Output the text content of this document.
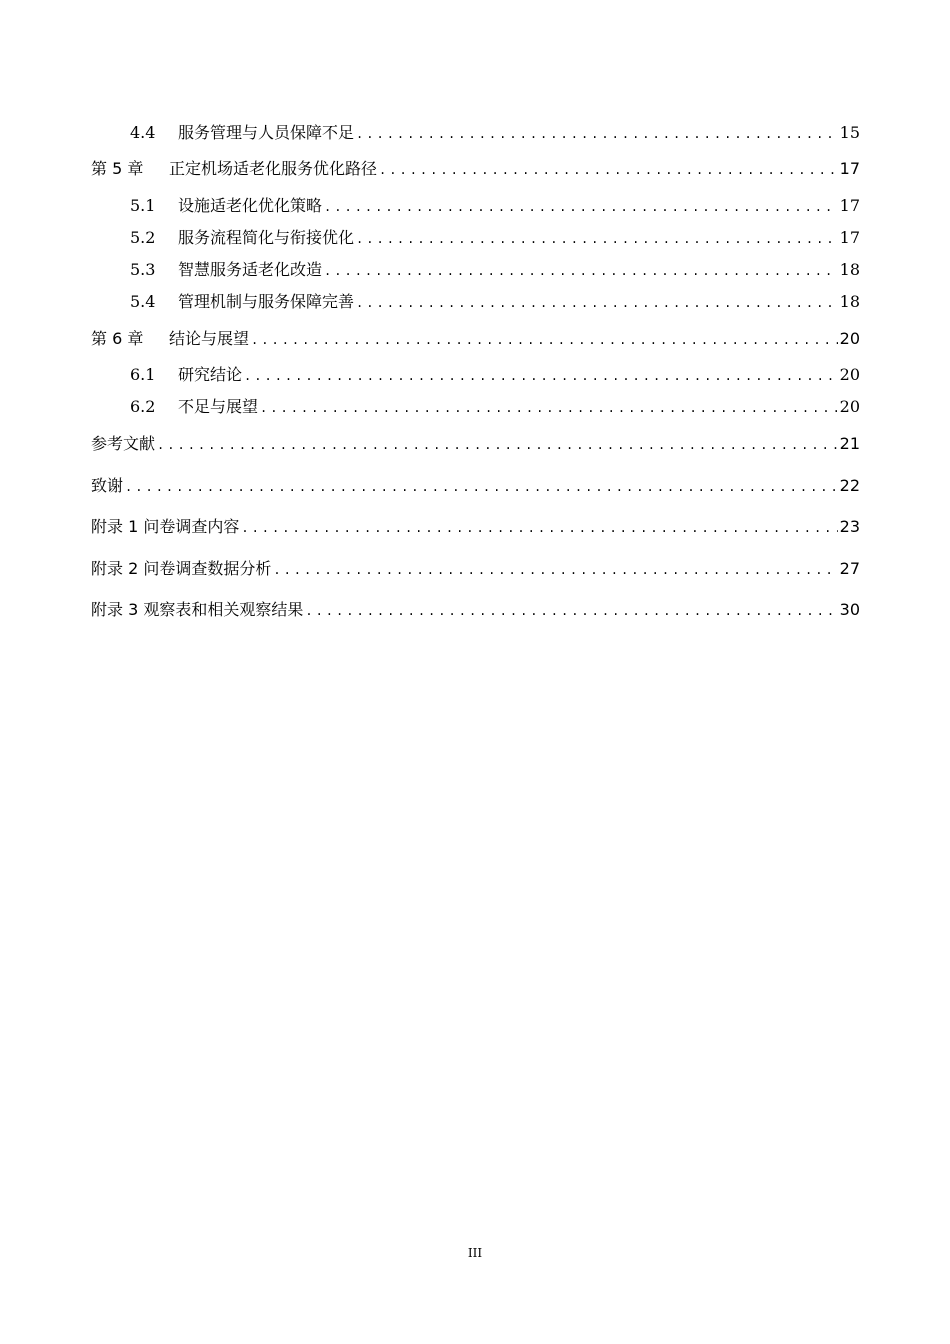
4.4	服务管理与人员保障不足 .....	15
第 5 章	正定机场适老化服务优化路径 .....	17
5.1	设施适老化优化策略 .....	17
5.2	服务流程简化与衔接优化 .....	17
5.3	智慧服务适老化改造 .....	18
5.4	管理机制与服务保障完善 .....	18
第 6 章	结论与展望 .....	20
6.1	研究结论 .....	20
6.2	不足与展望 .....	20
参考文献 .....	21
致谢 .....	22
附录 1 问卷调查内容 .....	23
附录 2 问卷调查数据分析 .....	27
附录 3 观察表和相关观察结果 .....	30
III
